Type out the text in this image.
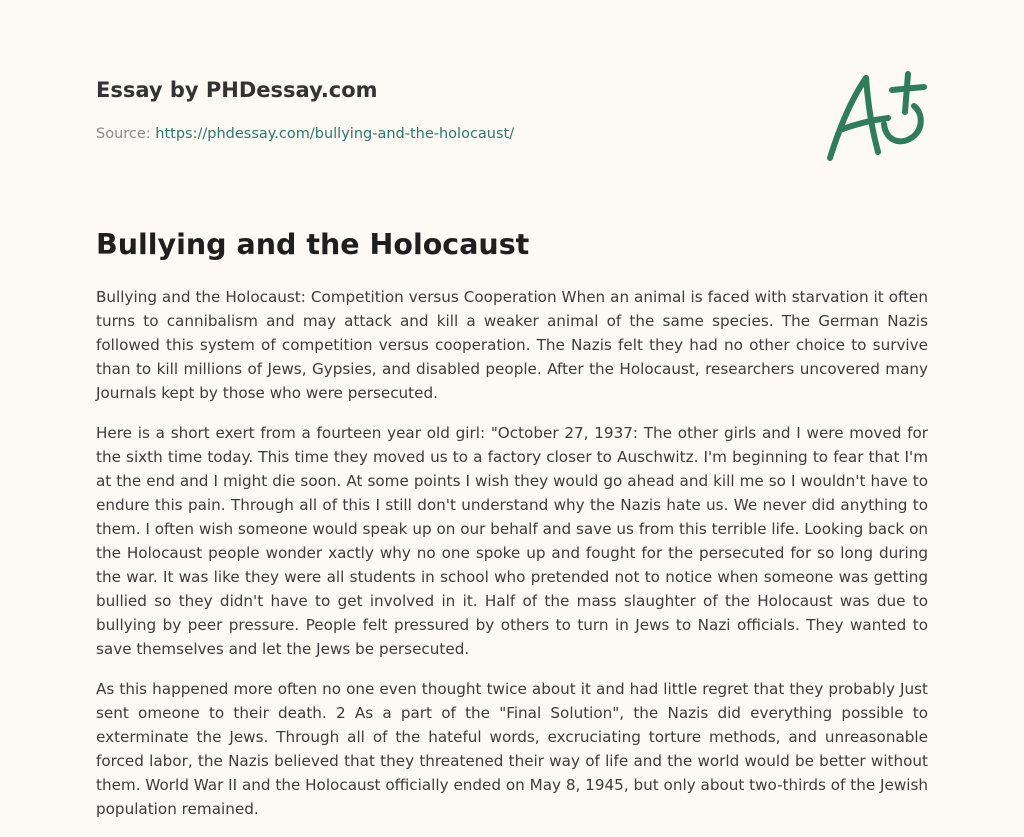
Essay by PHDessay.com
Source: https://phdessay.com/bullying-and-the-holocaust/
Bullying and the Holocaust

Bullying and the Holocaust: Competition versus Cooperation When an animal is faced with starvation it often turns to cannibalism and may attack and kill a weaker animal of the same species. The German Nazis followed this system of competition versus cooperation. The Nazis felt they had no other choice to survive than to kill millions of Jews, Gypsies, and disabled people. After the Holocaust, researchers uncovered many Journals kept by those who were persecuted.

Here is a short exert from a fourteen year old girl: "October 27, 1937: The other girls and I were moved for the sixth time today. This time they moved us to a factory closer to Auschwitz. I'm beginning to fear that I'm at the end and I might die soon. At some points I wish they would go ahead and kill me so I wouldn't have to endure this pain. Through all of this I still don't understand why the Nazis hate us. We never did anything to them. I often wish someone would speak up on our behalf and save us from this terrible life. Looking back on the Holocaust people wonder xactly why no one spoke up and fought for the persecuted for so long during the war. It was like they were all students in school who pretended not to notice when someone was getting bullied so they didn't have to get involved in it. Half of the mass slaughter of the Holocaust was due to bullying by peer pressure. People felt pressured by others to turn in Jews to Nazi officials. They wanted to save themselves and let the Jews be persecuted.

As this happened more often no one even thought twice about it and had little regret that they probably Just sent omeone to their death. 2 As a part of the "Final Solution", the Nazis did everything possible to exterminate the Jews. Through all of the hateful words, excruciating torture methods, and unreasonable forced labor, the Nazis believed that they threatened their way of life and the world would be better without them. World War II and the Holocaust officially ended on May 8, 1945, but only about two-thirds of the Jewish population remained.
